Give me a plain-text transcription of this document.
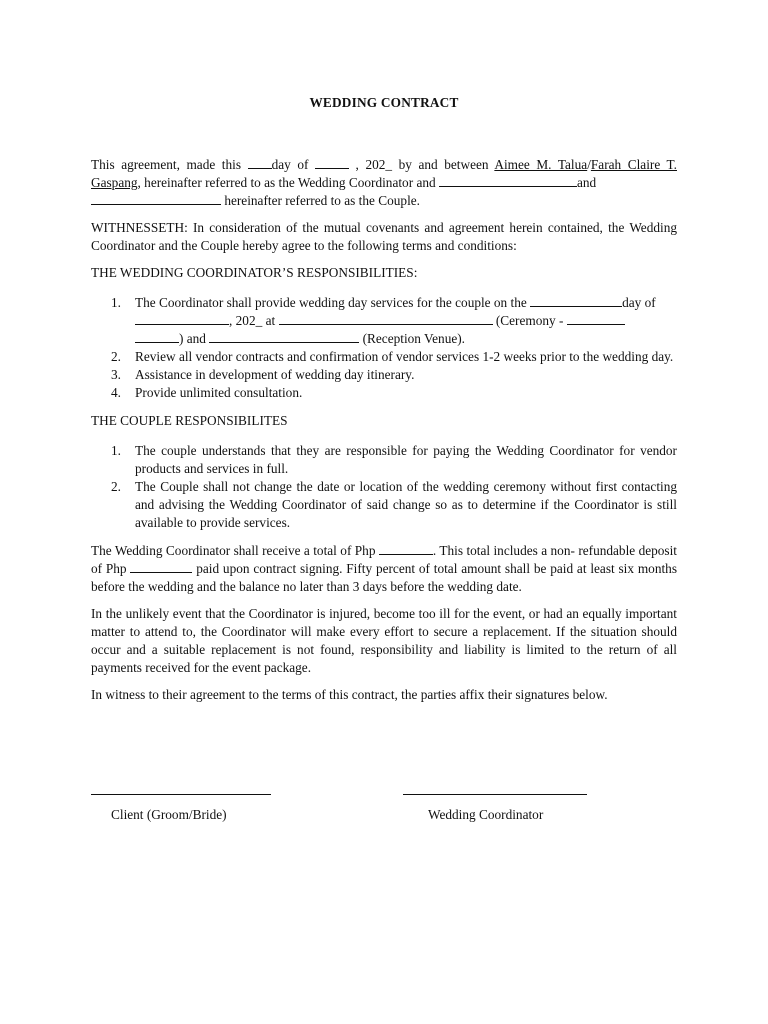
WEDDING CONTRACT

This agreement, made this day of	, 202_ by and between Aimee M. Talua/Farah Claire T. Gaspang, hereinafter referred to as the Wedding Coordinator and	and
hereinafter referred to as the Couple.

WITHNESSETH: In consideration of the mutual covenants and agreement herein contained, the Wedding Coordinator and the Couple hereby agree to the following terms and conditions:

THE WEDDING COORDINATOR’S RESPONSIBILITIES:

1. The Coordinator shall provide wedding day services for the couple on the	day of
, 202_ at	(Ceremony -
) and	(Reception Venue).
2. Review all vendor contracts and confirmation of vendor services 1-2 weeks prior to the wedding day.
3. Assistance in development of wedding day itinerary.
4. Provide unlimited consultation.

THE COUPLE RESPONSIBILITES

1. The couple understands that they are responsible for paying the Wedding Coordinator for vendor products and services in full.
2. The Couple shall not change the date or location of the wedding ceremony without first contacting and advising the Wedding Coordinator of said change so as to determine if the Coordinator is still available to provide services.

The Wedding Coordinator shall receive a total of Php	. This total includes a non- refundable deposit of Php	paid upon contract signing. Fifty percent of total amount shall be paid at least six months before the wedding and the balance no later than 3 days before the wedding date.

In the unlikely event that the Coordinator is injured, become too ill for the event, or had an equally important matter to attend to, the Coordinator will make every effort to secure a replacement. If the situation should occur and a suitable replacement is not found, responsibility and liability is limited to the return of all payments received for the event package.

In witness to their agreement to the terms of this contract, the parties affix their signatures below.

Client (Groom/Bride)	Wedding Coordinator
